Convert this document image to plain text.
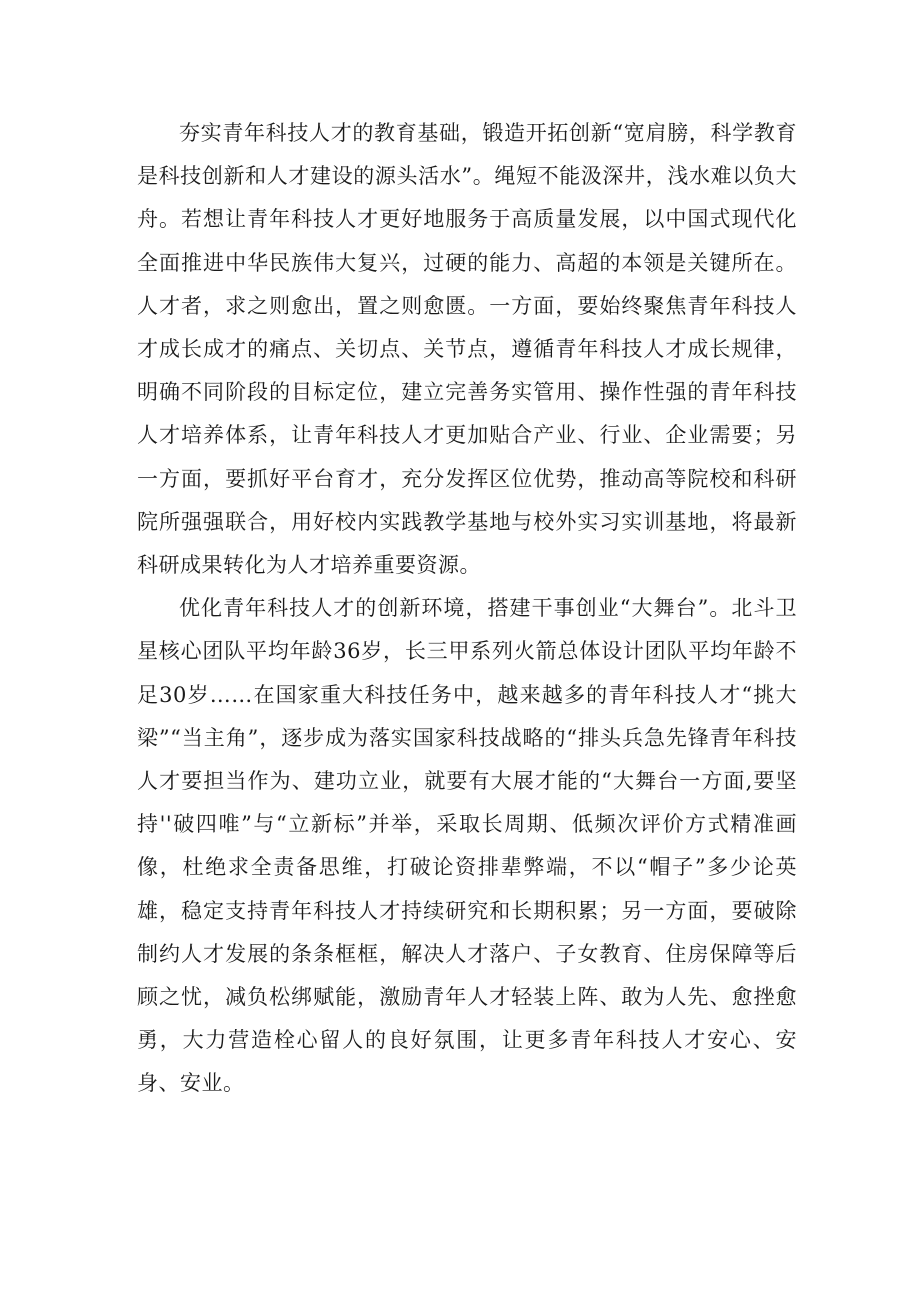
夯实青年科技人才的教育基础，锻造开拓创新“宽肩膀，科学教育是科技创新和人才建设的源头活水”。绳短不能汲深井，浅水难以负大舟。若想让青年科技人才更好地服务于高质量发展，以中国式现代化全面推进中华民族伟大复兴，过硬的能力、高超的本领是关键所在。人才者，求之则愈出，置之则愈匮。一方面，要始终聚焦青年科技人才成长成才的痛点、关切点、关节点，遵循青年科技人才成长规律，明确不同阶段的目标定位，建立完善务实管用、操作性强的青年科技人才培养体系，让青年科技人才更加贴合产业、行业、企业需要；另一方面，要抓好平台育才，充分发挥区位优势，推动高等院校和科研院所强强联合，用好校内实践教学基地与校外实习实训基地，将最新科研成果转化为人才培养重要资源。

优化青年科技人才的创新环境，搭建干事创业“大舞台”。北斗卫星核心团队平均年龄36岁，长三甲系列火箭总体设计团队平均年龄不足30岁……在国家重大科技任务中，越来越多的青年科技人才“挑大梁”“当主角”，逐步成为落实国家科技战略的“排头兵急先锋青年科技人才要担当作为、建功立业，就要有大展才能的“大舞台一方面,要坚持''破四唯”与“立新标”并举，采取长周期、低频次评价方式精准画像，杜绝求全责备思维，打破论资排辈弊端，不以“帽子”多少论英雄，稳定支持青年科技人才持续研究和长期积累；另一方面，要破除制约人才发展的条条框框，解决人才落户、子女教育、住房保障等后顾之忧，减负松绑赋能，激励青年人才轻装上阵、敢为人先、愈挫愈勇，大力营造栓心留人的良好氛围，让更多青年科技人才安心、安身、安业。
